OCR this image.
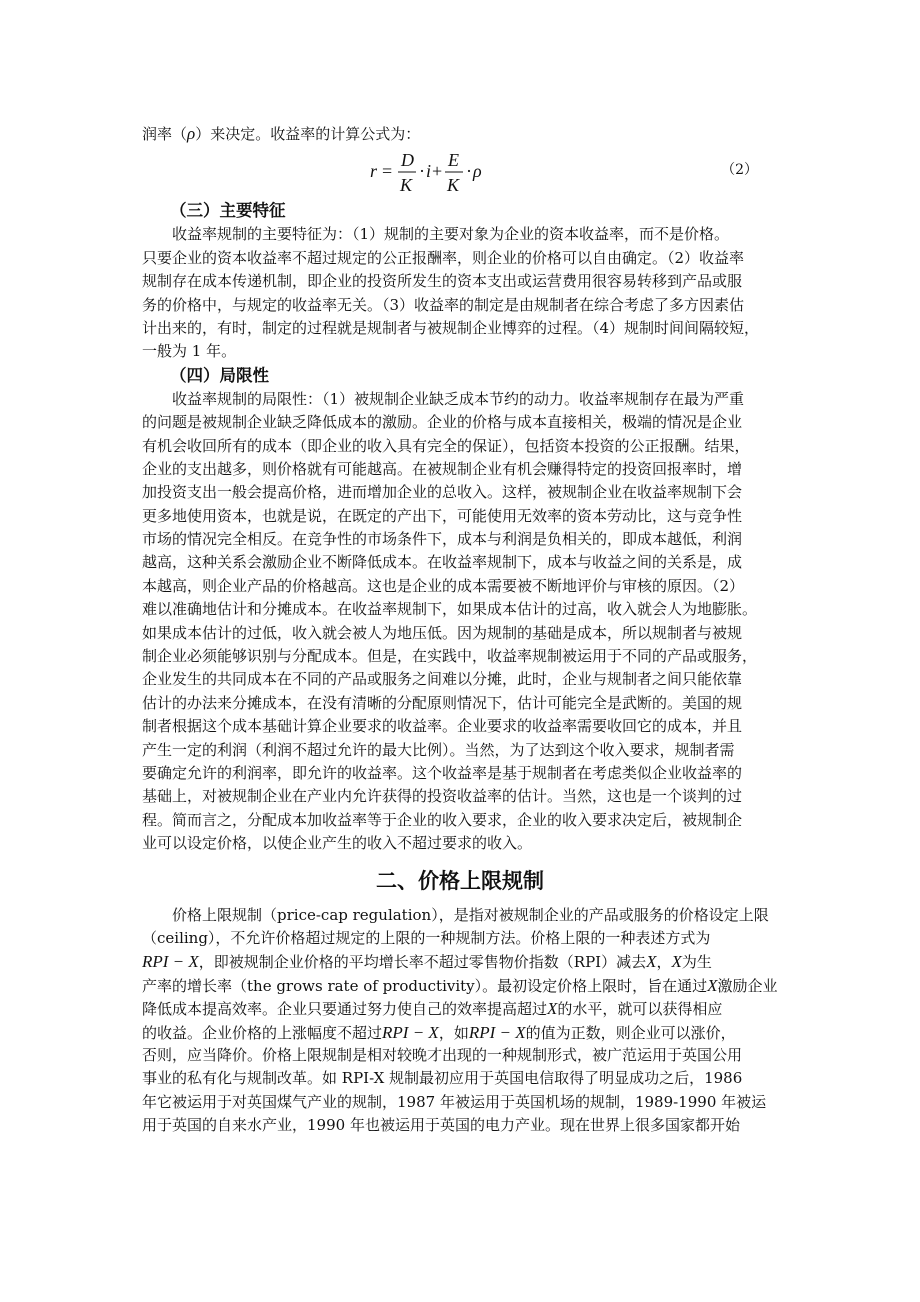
润率（ρ）来决定。收益率的计算公式为：
r =
D
K
· i +
E
K
· ρ	（2）
（三）主要特征
收益率规制的主要特征为：（1）规制的主要对象为企业的资本收益率，而不是价格。
只要企业的资本收益率不超过规定的公正报酬率，则企业的价格可以自由确定。（2）收益率
规制存在成本传递机制，即企业的投资所发生的资本支出或运营费用很容易转移到产品或服
务的价格中，与规定的收益率无关。（3）收益率的制定是由规制者在综合考虑了多方因素估
计出来的，有时，制定的过程就是规制者与被规制企业博弈的过程。（4）规制时间间隔较短，
一般为 1 年。
（四）局限性
收益率规制的局限性：（1）被规制企业缺乏成本节约的动力。收益率规制存在最为严重
的问题是被规制企业缺乏降低成本的激励。企业的价格与成本直接相关，极端的情况是企业
有机会收回所有的成本（即企业的收入具有完全的保证），包括资本投资的公正报酬。结果，
企业的支出越多，则价格就有可能越高。在被规制企业有机会赚得特定的投资回报率时，增
加投资支出一般会提高价格，进而增加企业的总收入。这样，被规制企业在收益率规制下会
更多地使用资本，也就是说，在既定的产出下，可能使用无效率的资本劳动比，这与竞争性
市场的情况完全相反。在竞争性的市场条件下，成本与利润是负相关的，即成本越低，利润
越高，这种关系会激励企业不断降低成本。在收益率规制下，成本与收益之间的关系是，成
本越高，则企业产品的价格越高。这也是企业的成本需要被不断地评价与审核的原因。（2）
难以准确地估计和分摊成本。在收益率规制下，如果成本估计的过高，收入就会人为地膨胀。
如果成本估计的过低，收入就会被人为地压低。因为规制的基础是成本，所以规制者与被规
制企业必须能够识别与分配成本。但是，在实践中，收益率规制被运用于不同的产品或服务，
企业发生的共同成本在不同的产品或服务之间难以分摊，此时，企业与规制者之间只能依靠
估计的办法来分摊成本，在没有清晰的分配原则情况下，估计可能完全是武断的。美国的规
制者根据这个成本基础计算企业要求的收益率。企业要求的收益率需要收回它的成本，并且
产生一定的利润（利润不超过允许的最大比例）。当然，为了达到这个收入要求，规制者需
要确定允许的利润率，即允许的收益率。这个收益率是基于规制者在考虑类似企业收益率的
基础上，对被规制企业在产业内允许获得的投资收益率的估计。当然，这也是一个谈判的过
程。简而言之，分配成本加收益率等于企业的收入要求，企业的收入要求决定后，被规制企
业可以设定价格，以使企业产生的收入不超过要求的收入。
二、价格上限规制
价格上限规制（price-cap regulation），是指对被规制企业的产品或服务的价格设定上限
（ceiling），不允许价格超过规定的上限的一种规制方法。价格上限的一种表述方式为
RPI − X，即被规制企业价格的平均增长率不超过零售物价指数（RPI）减去X，X为生
产率的增长率（the grows rate of productivity）。最初设定价格上限时，旨在通过X激励企业
降低成本提高效率。企业只要通过努力使自己的效率提高超过X的水平，就可以获得相应
的收益。企业价格的上涨幅度不超过RPI − X，如RPI − X的值为正数，则企业可以涨价，
否则，应当降价。价格上限规制是相对较晚才出现的一种规制形式，被广范运用于英国公用
事业的私有化与规制改革。如 RPI-X 规制最初应用于英国电信取得了明显成功之后，1986
年它被运用于对英国煤气产业的规制，1987 年被运用于英国机场的规制，1989-1990 年被运
用于英国的自来水产业，1990 年也被运用于英国的电力产业。现在世界上很多国家都开始
